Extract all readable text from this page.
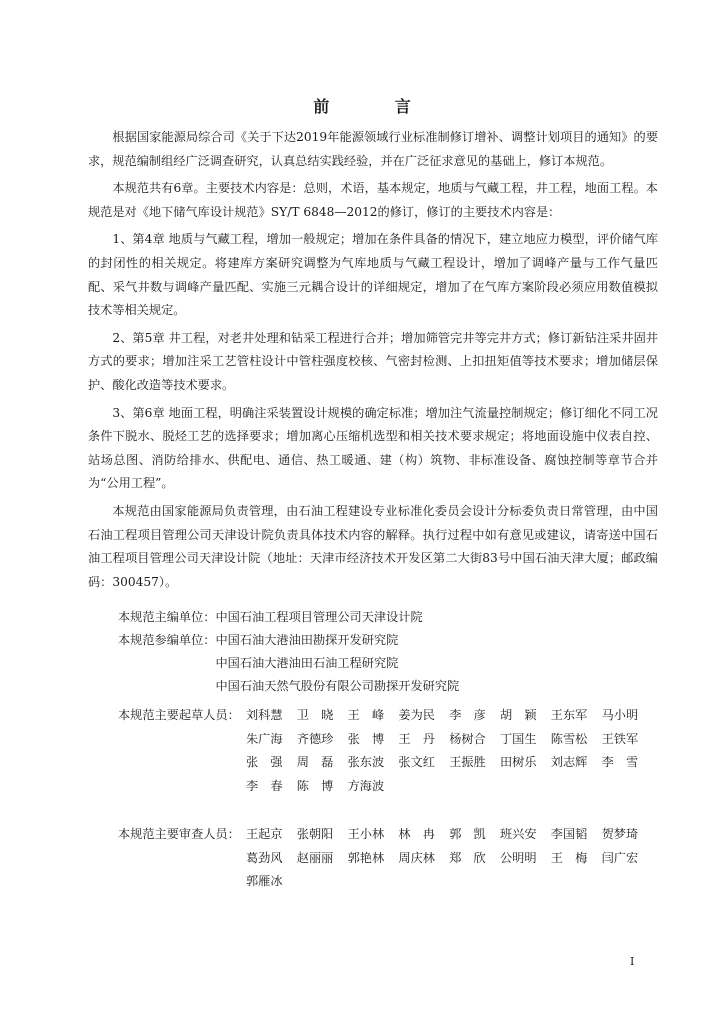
前 言

根据国家能源局综合司《关于下达2019年能源领域行业标准制修订增补、调整计划项目的通知》的要求，规范编制组经广泛调查研究，认真总结实践经验，并在广泛征求意见的基础上，修订本规范。

本规范共有6章。主要技术内容是：总则，术语，基本规定，地质与气藏工程，井工程，地面工程。本规范是对《地下储气库设计规范》SY/T 6848—2012的修订，修订的主要技术内容是：

1、第4章 地质与气藏工程，增加一般规定；增加在条件具备的情况下，建立地应力模型，评价储气库的封闭性的相关规定。将建库方案研究调整为气库地质与气藏工程设计，增加了调峰产量与工作气量匹配、采气井数与调峰产量匹配、实施三元耦合设计的详细规定，增加了在气库方案阶段必须应用数值模拟技术等相关规定。

2、第5章 井工程，对老井处理和钻采工程进行合并；增加筛管完井等完井方式；修订新钻注采井固井方式的要求；增加注采工艺管柱设计中管柱强度校核、气密封检测、上扣扭矩值等技术要求；增加储层保护、酸化改造等技术要求。

3、第6章 地面工程，明确注采装置设计规模的确定标准；增加注气流量控制规定；修订细化不同工况条件下脱水、脱烃工艺的选择要求；增加离心压缩机选型和相关技术要求规定；将地面设施中仪表自控、站场总图、消防给排水、供配电、通信、热工暖通、建（构）筑物、非标准设备、腐蚀控制等章节合并为“公用工程”。

本规范由国家能源局负责管理，由石油工程建设专业标准化委员会设计分标委负责日常管理，由中国石油工程项目管理公司天津设计院负责具体技术内容的解释。执行过程中如有意见或建议，请寄送中国石油工程项目管理公司天津设计院（地址：天津市经济技术开发区第二大街83号中国石油天津大厦；邮政编码：300457）。

本规范主编单位： 中国石油工程项目管理公司天津设计院
本规范参编单位： 中国石油大港油田勘探开发研究院
中国石油大港油田石油工程研究院
中国石油天然气股份有限公司勘探开发研究院
本规范主要起草人员： 刘科慧 卫　晓 王　峰 姜为民 李　彦 胡　颖 王东军 马小明
朱广海 齐德珍 张　博 王　丹 杨树合 丁国生 陈雪松 王铁军
张　强 周　磊 张东波 张文红 王振胜 田树乐 刘志辉 李　雪
李　春 陈　博 方海波
本规范主要审查人员： 王起京 张朝阳 王小林 林　冉 郭　凯 班兴安 李国韬 贺梦琦
葛劲风 赵丽丽 郭艳林 周庆林 郑　欣 公明明 王　梅 闫广宏
郭雁冰
I
